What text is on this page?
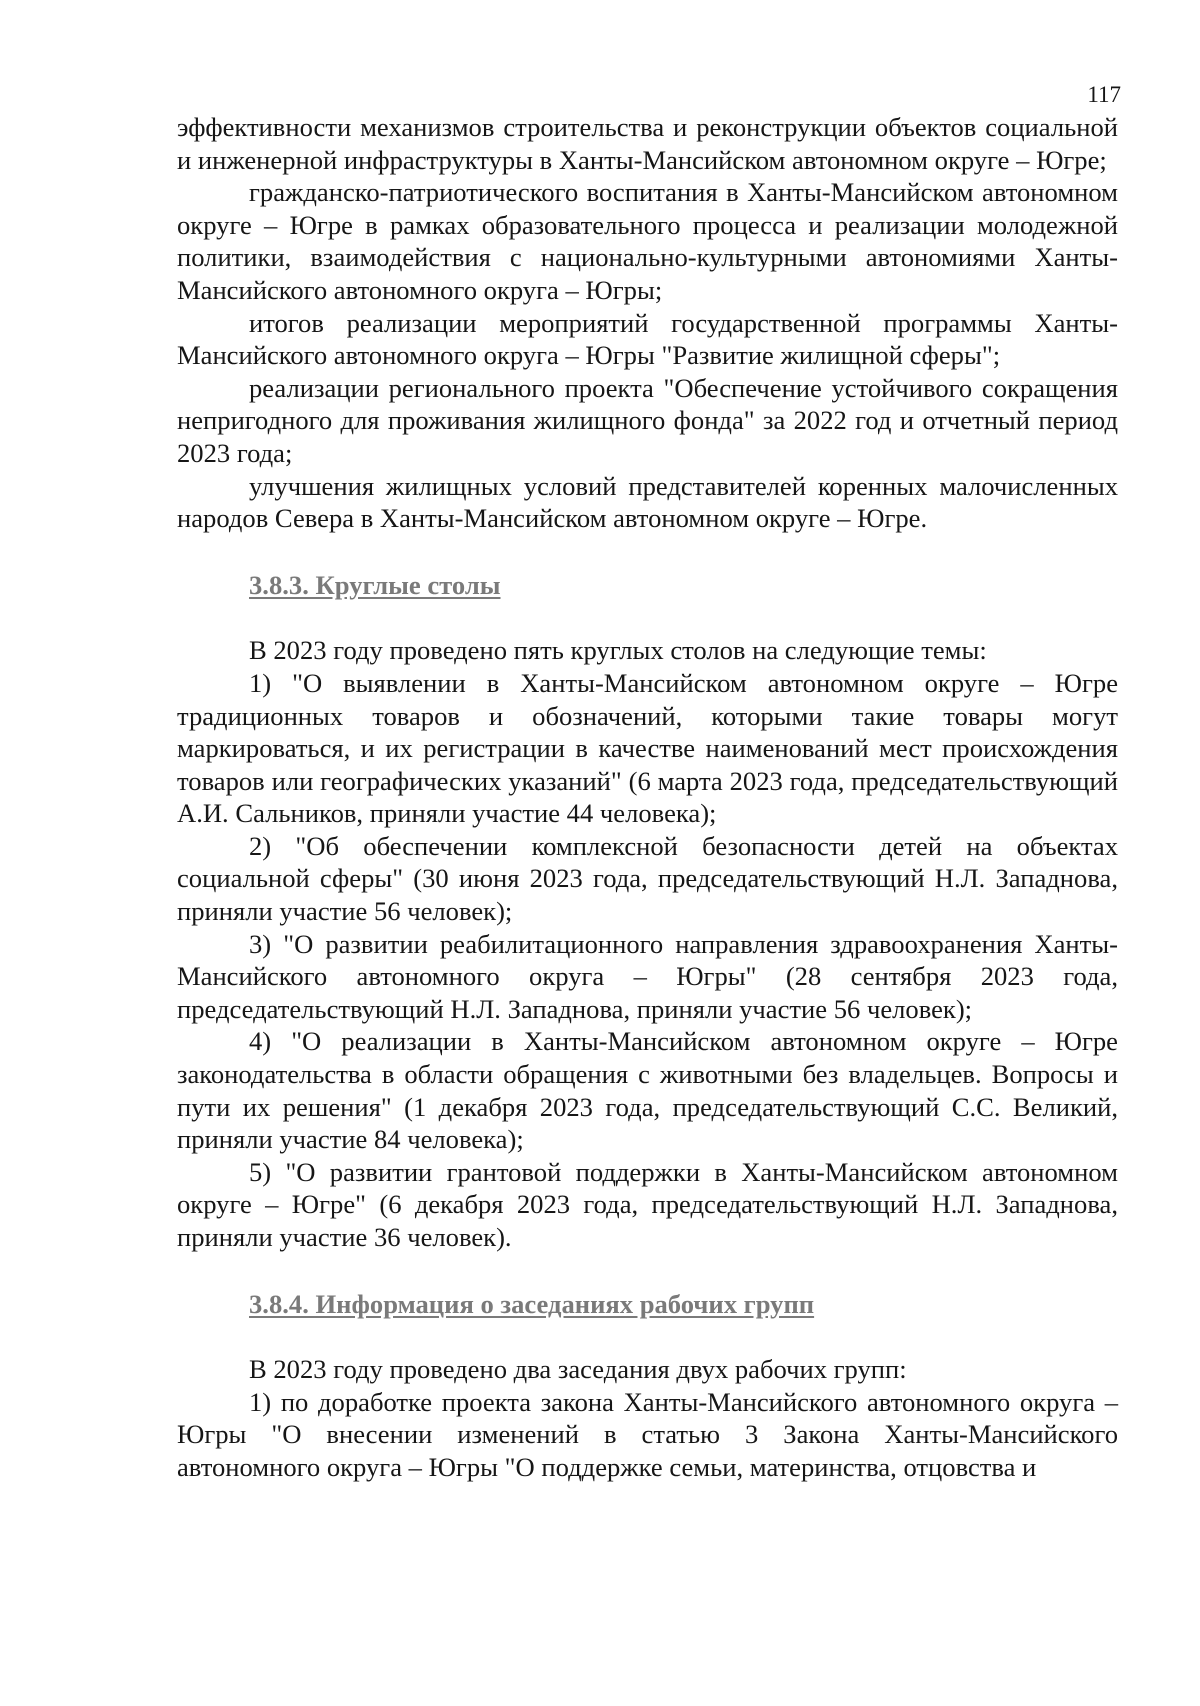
117

эффективности механизмов строительства и реконструкции объектов социальной и инженерной инфраструктуры в Ханты-Мансийском автономном округе – Югре;

гражданско-патриотического воспитания в Ханты-Мансийском автономном округе – Югре в рамках образовательного процесса и реализации молодежной политики, взаимодействия с национально-культурными автономиями Ханты-Мансийского автономного округа – Югры;

итогов реализации мероприятий государственной программы Ханты-Мансийского автономного округа – Югры "Развитие жилищной сферы";

реализации регионального проекта "Обеспечение устойчивого сокращения непригодного для проживания жилищного фонда" за 2022 год и отчетный период 2023 года;

улучшения жилищных условий представителей коренных малочисленных народов Севера в Ханты-Мансийском автономном округе – Югре.

3.8.3. Круглые столы

В 2023 году проведено пять круглых столов на следующие темы:

1) "О выявлении в Ханты-Мансийском автономном округе – Югре традиционных товаров и обозначений, которыми такие товары могут маркироваться, и их регистрации в качестве наименований мест происхождения товаров или географических указаний" (6 марта 2023 года, председательствующий А.И. Сальников, приняли участие 44 человека);

2) "Об обеспечении комплексной безопасности детей на объектах социальной сферы" (30 июня 2023 года, председательствующий Н.Л. Западнова, приняли участие 56 человек);

3) "О развитии реабилитационного направления здравоохранения Ханты-Мансийского автономного округа – Югры" (28 сентября 2023 года, председательствующий Н.Л. Западнова, приняли участие 56 человек);

4) "О реализации в Ханты-Мансийском автономном округе – Югре законодательства в области обращения с животными без владельцев. Вопросы и пути их решения" (1 декабря 2023 года, председательствующий С.С. Великий, приняли участие 84 человека);

5) "О развитии грантовой поддержки в Ханты-Мансийском автономном округе – Югре" (6 декабря 2023 года, председательствующий Н.Л. Западнова, приняли участие 36 человек).

3.8.4. Информация о заседаниях рабочих групп

В 2023 году проведено два заседания двух рабочих групп:

1) по доработке проекта закона Ханты-Мансийского автономного округа – Югры "О внесении изменений в статью 3 Закона Ханты-Мансийского автономного округа – Югры "О поддержке семьи, материнства, отцовства и
